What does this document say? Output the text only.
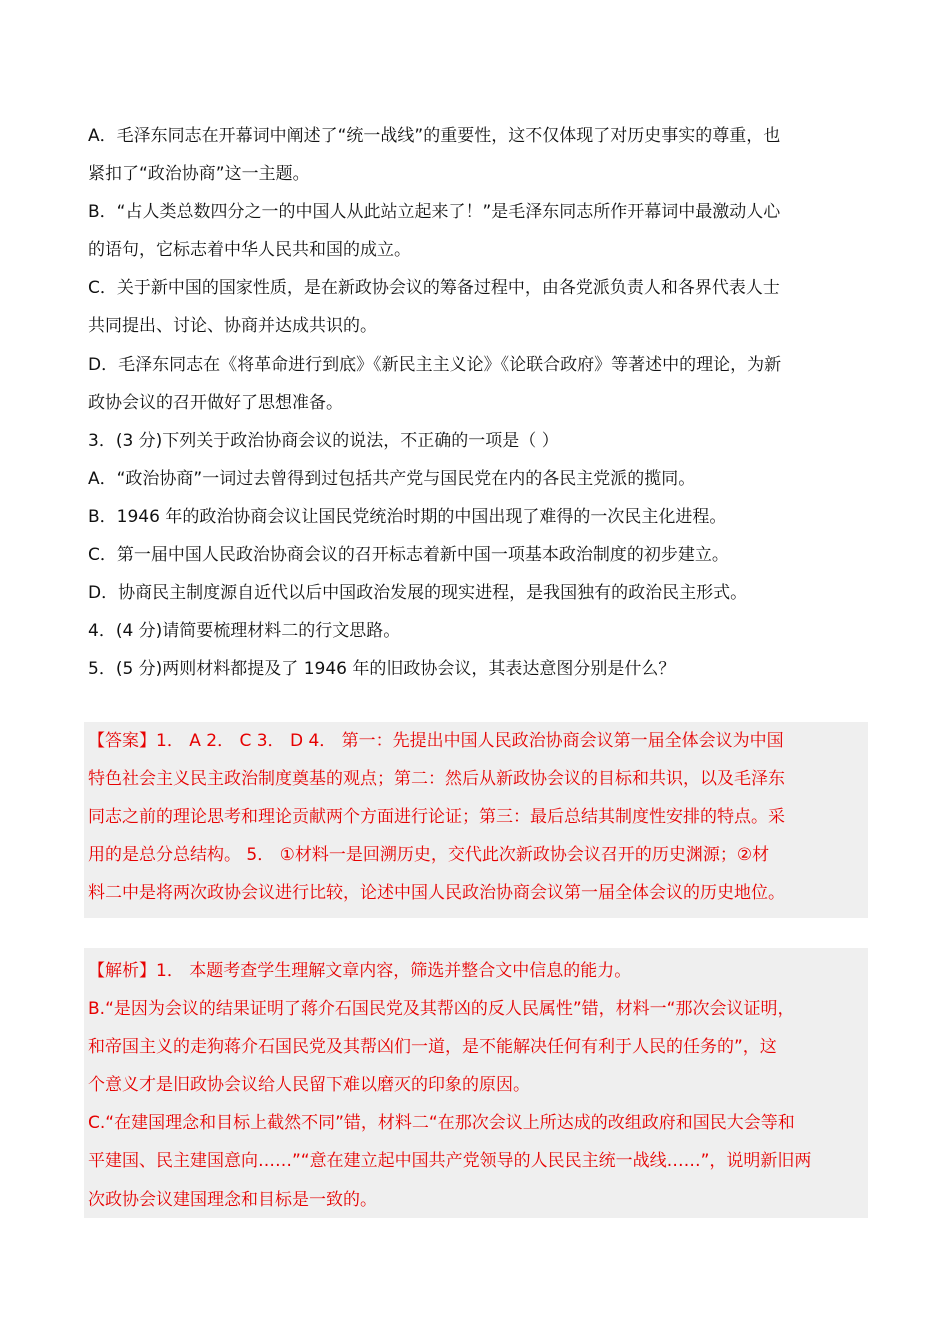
A．毛泽东同志在开幕词中阐述了“统一战线”的重要性，这不仅体现了对历史事实的尊重，也
紧扣了“政治协商”这一主题。
B．“占人类总数四分之一的中国人从此站立起来了！”是毛泽东同志所作开幕词中最激动人心
的语句，它标志着中华人民共和国的成立。
C．关于新中国的国家性质，是在新政协会议的筹备过程中，由各党派负责人和各界代表人士
共同提出、讨论、协商并达成共识的。
D．毛泽东同志在《将革命进行到底》《新民主主义论》《论联合政府》等著述中的理论，为新
政协会议的召开做好了思想准备。
3．(3 分)下列关于政治协商会议的说法，不正确的一项是（ ）
A．“政治协商”一词过去曾得到过包括共产党与国民党在内的各民主党派的揽同。
B．1946 年的政治协商会议让国民党统治时期的中国出现了难得的一次民主化进程。
C．第一届中国人民政治协商会议的召开标志着新中国一项基本政治制度的初步建立。
D．协商民主制度源自近代以后中国政治发展的现实进程，是我国独有的政治民主形式。
4．(4 分)请简要梳理材料二的行文思路。
5．(5 分)两则材料都提及了 1946 年的旧政协会议，其表达意图分别是什么？
【答案】1． A 2． C 3． D 4． 第一：先提出中国人民政治协商会议第一届全体会议为中国
特色社会主义民主政治制度奠基的观点；第二：然后从新政协会议的目标和共识，以及毛泽东
同志之前的理论思考和理论贡献两个方面进行论证；第三：最后总结其制度性安排的特点。采
用的是总分总结构。 5． ①材料一是回溯历史，交代此次新政协会议召开的历史渊源；②材
料二中是将两次政协会议进行比较，论述中国人民政治协商会议第一届全体会议的历史地位。
【解析】1． 本题考查学生理解文章内容，筛选并整合文中信息的能力。
B.“是因为会议的结果证明了蒋介石国民党及其帮凶的反人民属性”错，材料一“那次会议证明，
和帝国主义的走狗蒋介石国民党及其帮凶们一道，是不能解决任何有利于人民的任务的”，这
个意义才是旧政协会议给人民留下难以磨灭的印象的原因。
C.“在建国理念和目标上截然不同”错，材料二“在那次会议上所达成的改组政府和国民大会等和
平建国、民主建国意向……”“意在建立起中国共产党领导的人民民主统一战线……”，说明新旧两
次政协会议建国理念和目标是一致的。
